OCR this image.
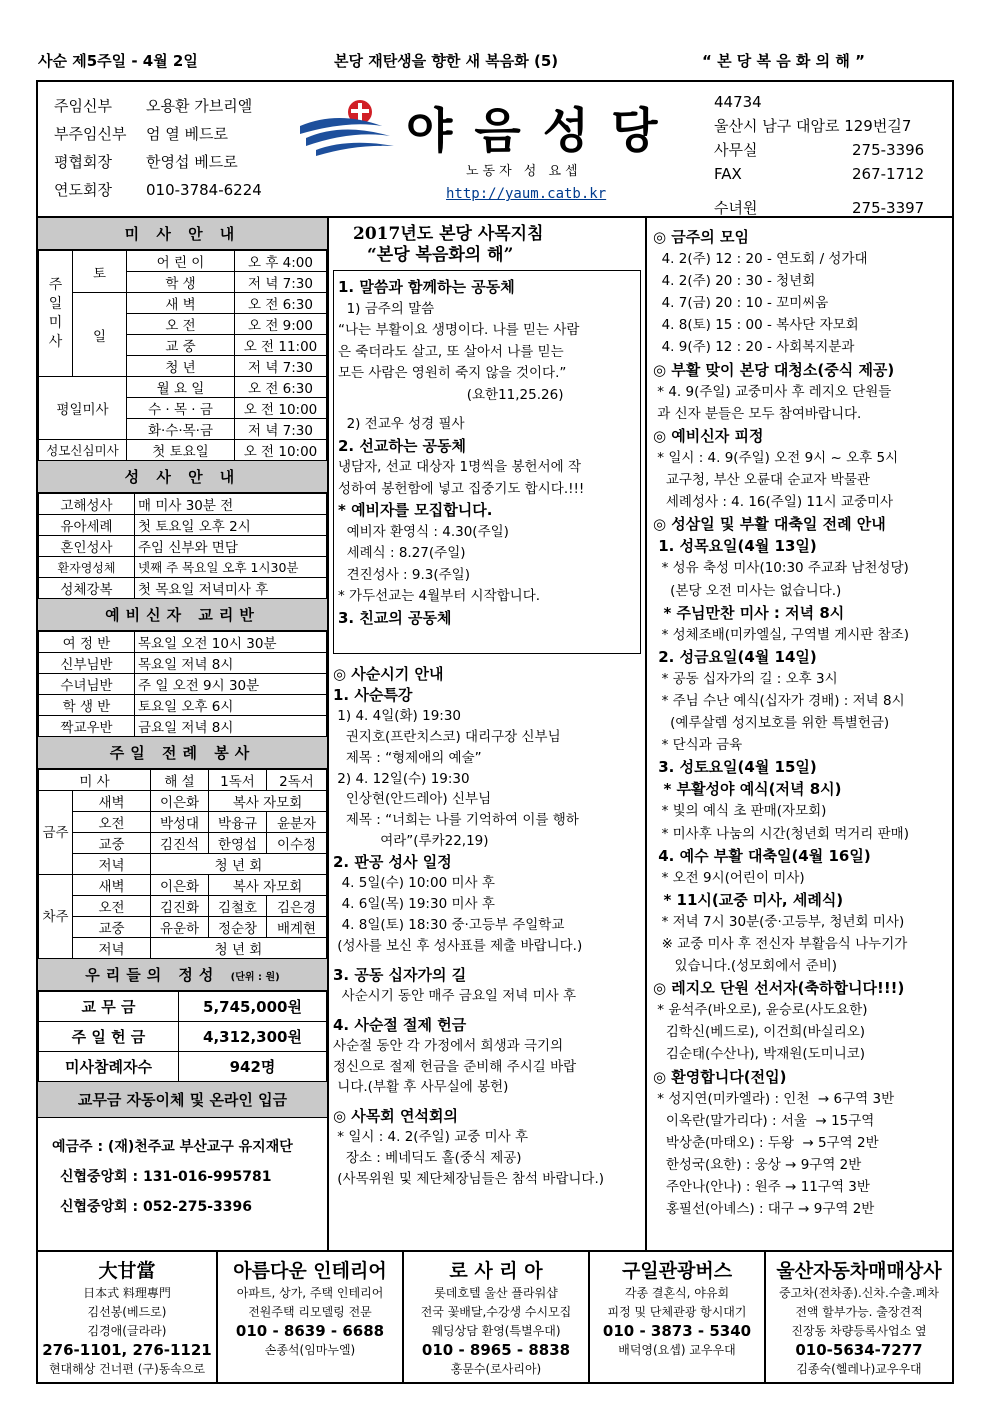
사순 제5주일 - 4월 2일	본당 재탄생을 향한 새 복음화 (5)	“ 본 당 복 음 화 의 해 ”
주임신부 오용환 가브리엘
부주임신부 엄 열 베드로
평협회장 한영섭 베드로
연도회장 010-3784-6224
야음성당
노동자 성 요셉
http://yaum.catb.kr
44734
울산시 남구 대암로 129번길7
사무실	275-3396
FAX	267-1712
수녀원	275-3397
미 사 안 내
주일미사	토	어 린 이	오 후 4:00
		학 생	저 녁 7:30
	일	새 벽	오 전 6:30
		오 전	오 전 9:00
		교 중	오 전 11:00
		청 년	저 녁 7:30
평일미사		월 요 일	오 전 6:30
		수 · 목 · 금	오 전 10:00
		화·수·목·금	저 녁 7:30
성모신심미사		첫 토요일	오 전 10:00
성 사 안 내
고해성사	매 미사 30분 전
유아세례	첫 토요일 오후 2시
혼인성사	주임 신부와 면담
환자영성체	넷째 주 목요일 오후 1시30분
성체강복	첫 목요일 저녁미사 후
예비신자 교리반
여 정 반	목요일 오전 10시 30분
신부님반	목요일 저녁 8시
수녀님반	주 일 오전 9시 30분
학 생 반	토요일 오후 6시
짝교우반	금요일 저녁 8시
주일 전례 봉사
미 사		해 설	1독서	2독서
금주	새벽	이은화	복사 자모회	
	오전	박성대	박융규	윤분자
	교중	김진석	한영섭	이수정
	저녁	청 년 회		
차주	새벽	이은화	복사 자모회	
	오전	김진화	김철호	김은경
	교중	유운하	정순창	배계현
	저녁	청 년 회		
우리들의 정성 (단위 : 원)
교 무 금	5,745,000원
주 일 헌 금	4,312,300원
미사참례자수	942명
교무금 자동이체 및 온라인 입금
예금주 : (재)천주교 부산교구 유지재단
신협중앙회 : 131-016-995781
신협중앙회 : 052-275-3396
2017년도 본당 사목지침
“본당 복음화의 해”
1. 말씀과 함께하는 공동체
1) 금주의 말씀
“나는 부활이요 생명이다. 나를 믿는 사람
은 죽더라도 살고, 또 살아서 나를 믿는
모든 사람은 영원히 죽지 않을 것이다.”
(요한11,25.26)
2) 전교우 성경 필사
2. 선교하는 공동체
냉담자, 선교 대상자 1명씩을 봉헌서에 작
성하여 봉헌함에 넣고 집중기도 합시다.!!!
* 예비자를 모집합니다.
예비자 환영식 : 4.30(주일)
세례식 : 8.27(주일)
견진성사 : 9.3(주일)
* 가두선교는 4월부터 시작합니다.
3. 친교의 공동체
◎ 사순시기 안내
1. 사순특강
1) 4. 4일(화) 19:30
권지호(프란치스코) 대리구장 신부님
제목 : “형제애의 예술”
2) 4. 12일(수) 19:30
인상현(안드레아) 신부님
제목 : “너희는 나를 기억하여 이를 행하
여라”(루카22,19)
2. 판공 성사 일정
4. 5일(수) 10:00 미사 후
4. 6일(목) 19:30 미사 후
4. 8일(토) 18:30 중·고등부 주일학교
(성사를 보신 후 성사표를 제출 바랍니다.)
3. 공동 십자가의 길
사순시기 동안 매주 금요일 저녁 미사 후
4. 사순절 절제 헌금
사순절 동안 각 가정에서 희생과 극기의
정신으로 절제 헌금을 준비해 주시길 바랍
니다.(부활 후 사무실에 봉헌)
◎ 사목회 연석회의
* 일시 : 4. 2(주일) 교중 미사 후
장소 : 베네딕도 홀(중식 제공)
(사목위원 및 제단체장님들은 참석 바랍니다.)
◎ 금주의 모임
4. 2(주) 12 : 20 - 연도회 / 성가대
4. 2(주) 20 : 30 - 청년회
4. 7(금) 20 : 10 - 꼬미씨움
4. 8(토) 15 : 00 - 복사단 자모회
4. 9(주) 12 : 20 - 사회복지분과
◎ 부활 맞이 본당 대청소(중식 제공)
* 4. 9(주일) 교중미사 후 레지오 단원들
과 신자 분들은 모두 참여바랍니다.
◎ 예비신자 피정
* 일시 : 4. 9(주일) 오전 9시 ~ 오후 5시
교구청, 부산 오륜대 순교자 박물관
세례성사 : 4. 16(주일) 11시 교중미사
◎ 성삼일 및 부활 대축일 전례 안내
1. 성목요일(4월 13일)
* 성유 축성 미사(10:30 주교좌 남천성당)
(본당 오전 미사는 없습니다.)
* 주님만찬 미사 : 저녁 8시
* 성체조배(미카엘실, 구역별 게시판 참조)
2. 성금요일(4월 14일)
* 공동 십자가의 길 : 오후 3시
* 주님 수난 예식(십자가 경배) : 저녁 8시
(예루살렘 성지보호를 위한 특별헌금)
* 단식과 금육
3. 성토요일(4월 15일)
* 부활성야 예식(저녁 8시)
* 빛의 예식 초 판매(자모회)
* 미사후 나눔의 시간(청년회 먹거리 판매)
4. 예수 부활 대축일(4월 16일)
* 오전 9시(어린이 미사)
* 11시(교중 미사, 세례식)
* 저녁 7시 30분(중·고등부, 청년회 미사)
※ 교중 미사 후 전신자 부활음식 나누기가
있습니다.(성모회에서 준비)
◎ 레지오 단원 선서자(축하합니다!!!)
* 윤석주(바오로), 윤승로(사도요한)
김학신(베드로), 이건희(바실리오)
김순태(수산나), 박재원(도미니코)
◎ 환영합니다(전입)
* 성지연(미카엘라) : 인천  → 6구역 3반
이옥란(말가리다) : 서울  → 15구역
박상춘(마태오) : 두왕  → 5구역 2반
한성국(요한) : 웅상 → 9구역 2반
주안나(안나) : 원주 → 11구역 3반
홍필선(아녜스) : 대구 → 9구역 2반
大甘當
日本式 料理專門
김선봉(베드로)
김경애(글라라)
276-1101, 276-1121
현대해상 건너편 (구)동속으로
아름다운 인테리어
아파트, 상가, 주택 인테리어
전원주택 리모델링 전문
010 - 8639 - 6688
손종석(임마누엘)
로 사 리 아
롯데호텔 울산 플라워샵
전국 꽃배달,수강생 수시모집
웨딩상담 환영(특별우대)
010 - 8965 - 8838
홍문수(로사리아)
구일관광버스
각종 결혼식, 야유회
피정 및 단체관광 항시대기
010 - 3873 - 5340
배덕영(요셉) 교우우대
울산자동차매매상사
중고차(전차종).신차.수출.폐차
전액 할부가능. 출장견적
진장동 차량등록사업소 옆
010-5634-7277
김종숙(헬레나)교우우대
